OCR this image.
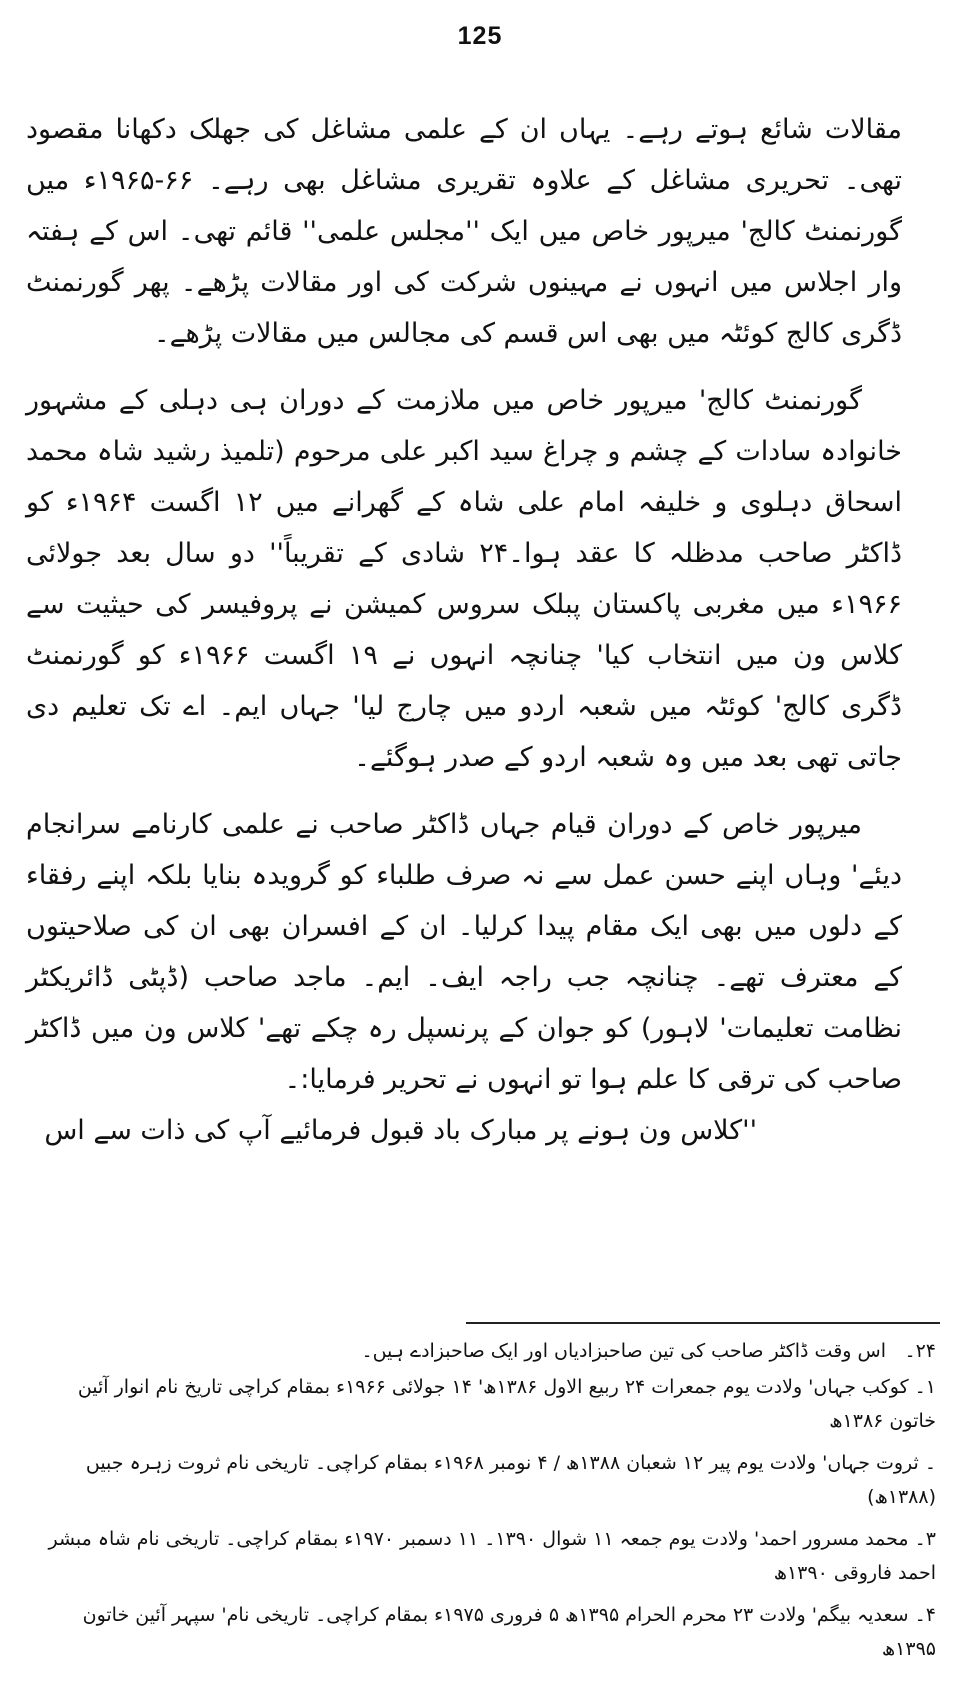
125

مقالات شائع ہوتے رہے۔ یہاں ان کے علمی مشاغل کی جھلک دکھانا مقصود تھی۔ تحریری مشاغل کے علاوہ تقریری مشاغل بھی رہے۔ ۶۶-۱۹۶۵ء میں گورنمنٹ کالج' میرپور خاص میں ایک ''مجلس علمی'' قائم تھی۔ اس کے ہفتہ وار اجلاس میں انہوں نے مہینوں شرکت کی اور مقالات پڑھے۔ پھر گورنمنٹ ڈگری کالج کوئٹہ میں بھی اس قسم کی مجالس میں مقالات پڑھے۔

گورنمنٹ کالج' میرپور خاص میں ملازمت کے دوران ہی دہلی کے مشہور خانوادہ سادات کے چشم و چراغ سید اکبر علی مرحوم (تلمیذ رشید شاہ محمد اسحاق دہلوی و خلیفہ امام علی شاہ کے گھرانے میں ۱۲ اگست ۱۹۶۴ء کو ڈاکٹر صاحب مدظلہ کا عقد ہوا۔۲۴ شادی کے تقریباً'' دو سال بعد جولائی ۱۹۶۶ء میں مغربی پاکستان پبلک سروس کمیشن نے پروفیسر کی حیثیت سے کلاس ون میں انتخاب کیا' چنانچہ انہوں نے ۱۹ اگست ۱۹۶۶ء کو گورنمنٹ ڈگری کالج' کوئٹہ میں شعبہ اردو میں چارج لیا' جہاں ایم۔ اے تک تعلیم دی جاتی تھی بعد میں وہ شعبہ اردو کے صدر ہوگئے۔

میرپور خاص کے دوران قیام جہاں ڈاکٹر صاحب نے علمی کارنامے سرانجام دیئے' وہاں اپنے حسن عمل سے نہ صرف طلباء کو گرویدہ بنایا بلکہ اپنے رفقاء کے دلوں میں بھی ایک مقام پیدا کرلیا۔ ان کے افسران بھی ان کی صلاحیتوں کے معترف تھے۔ چنانچہ جب راجہ ایف۔ ایم۔ ماجد صاحب (ڈپٹی ڈائریکٹر نظامت تعلیمات' لاہور) کو جوان کے پرنسپل رہ چکے تھے' کلاس ون میں ڈاکٹر صاحب کی ترقی کا علم ہوا تو انہوں نے تحریر فرمایا:۔

''کلاس ون ہونے پر مبارک باد قبول فرمائیے آپ کی ذات سے اس

۲۴۔

اس وقت ڈاکٹر صاحب کی تین صاحبزادیاں اور ایک صاحبزادے ہیں۔

۱۔ کوکب جہاں' ولادت یوم جمعرات ۲۴ ربیع الاول ۱۳۸۶ھ' ۱۴ جولائی ۱۹۶۶ء بمقام کراچی تاریخ نام انوار آئین خاتون ۱۳۸۶ھ

۔ ثروت جہاں' ولادت یوم پیر ۱۲ شعبان ۱۳۸۸ھ / ۴ نومبر ۱۹۶۸ء بمقام کراچی۔ تاریخی نام ثروت زہرہ جبیں (۱۳۸۸ھ)

۳۔ محمد مسرور احمد' ولادت یوم جمعہ ۱۱ شوال ۱۳۹۰۔ ۱۱ دسمبر ۱۹۷۰ء بمقام کراچی۔ تاریخی نام شاہ مبشر احمد فاروقی ۱۳۹۰ھ

۴۔ سعدیہ بیگم' ولادت ۲۳ محرم الحرام ۱۳۹۵ھ ۵ فروری ۱۹۷۵ء بمقام کراچی۔ تاریخی نام' سپہر آئین خاتون ۱۳۹۵ھ
